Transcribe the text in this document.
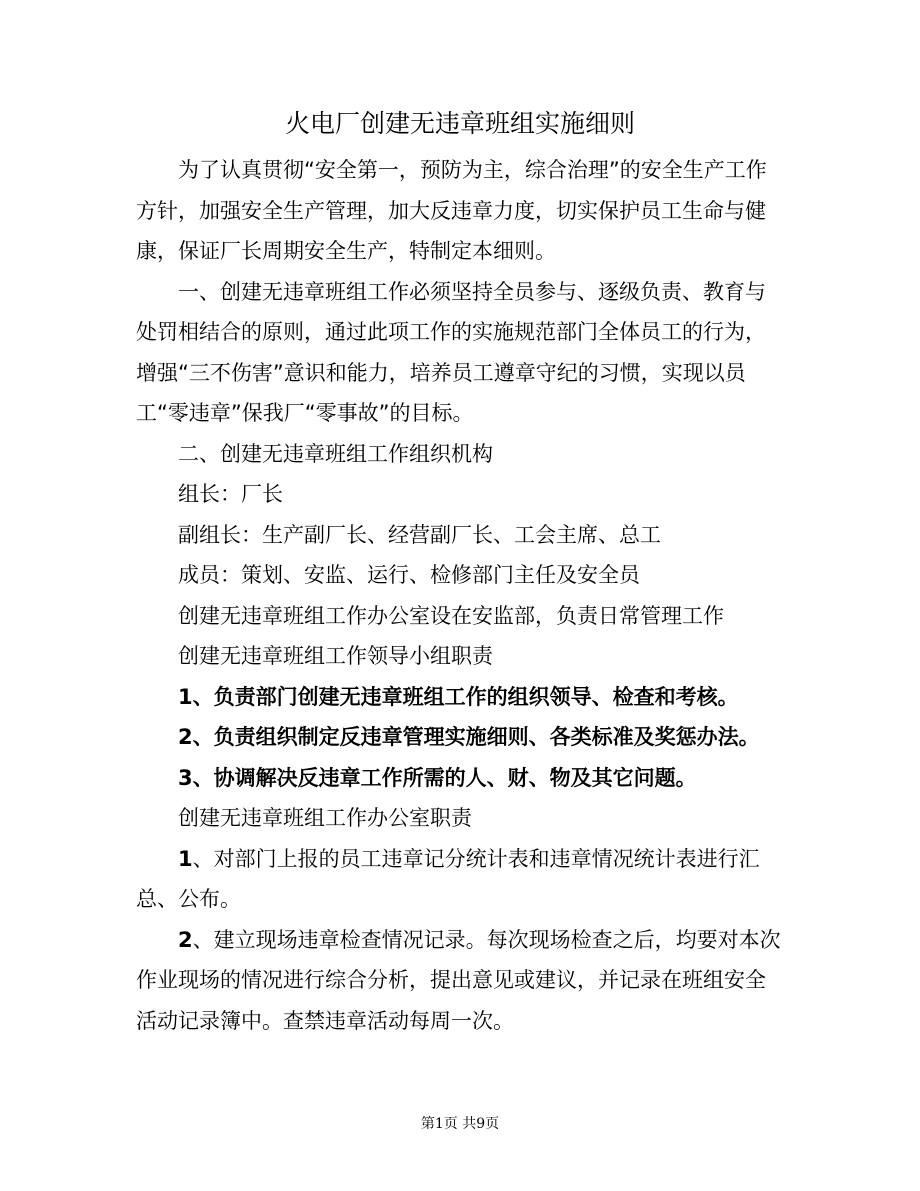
火电厂创建无违章班组实施细则

为了认真贯彻“安全第一，预防为主，综合治理”的安全生产工作方针，加强安全生产管理，加大反违章力度，切实保护员工生命与健康，保证厂长周期安全生产，特制定本细则。

一、创建无违章班组工作必须坚持全员参与、逐级负责、教育与处罚相结合的原则，通过此项工作的实施规范部门全体员工的行为，增强“三不伤害”意识和能力，培养员工遵章守纪的习惯，实现以员工“零违章”保我厂“零事故”的目标。

二、创建无违章班组工作组织机构

组长：厂长

副组长：生产副厂长、经营副厂长、工会主席、总工

成员：策划、安监、运行、检修部门主任及安全员

创建无违章班组工作办公室设在安监部，负责日常管理工作

创建无违章班组工作领导小组职责

1、负责部门创建无违章班组工作的组织领导、检查和考核。

2、负责组织制定反违章管理实施细则、各类标准及奖惩办法。

3、协调解决反违章工作所需的人、财、物及其它问题。

创建无违章班组工作办公室职责

1、对部门上报的员工违章记分统计表和违章情况统计表进行汇总、公布。

2、建立现场违章检查情况记录。每次现场检查之后，均要对本次作业现场的情况进行综合分析，提出意见或建议，并记录在班组安全活动记录簿中。查禁违章活动每周一次。

第1页 共9页
